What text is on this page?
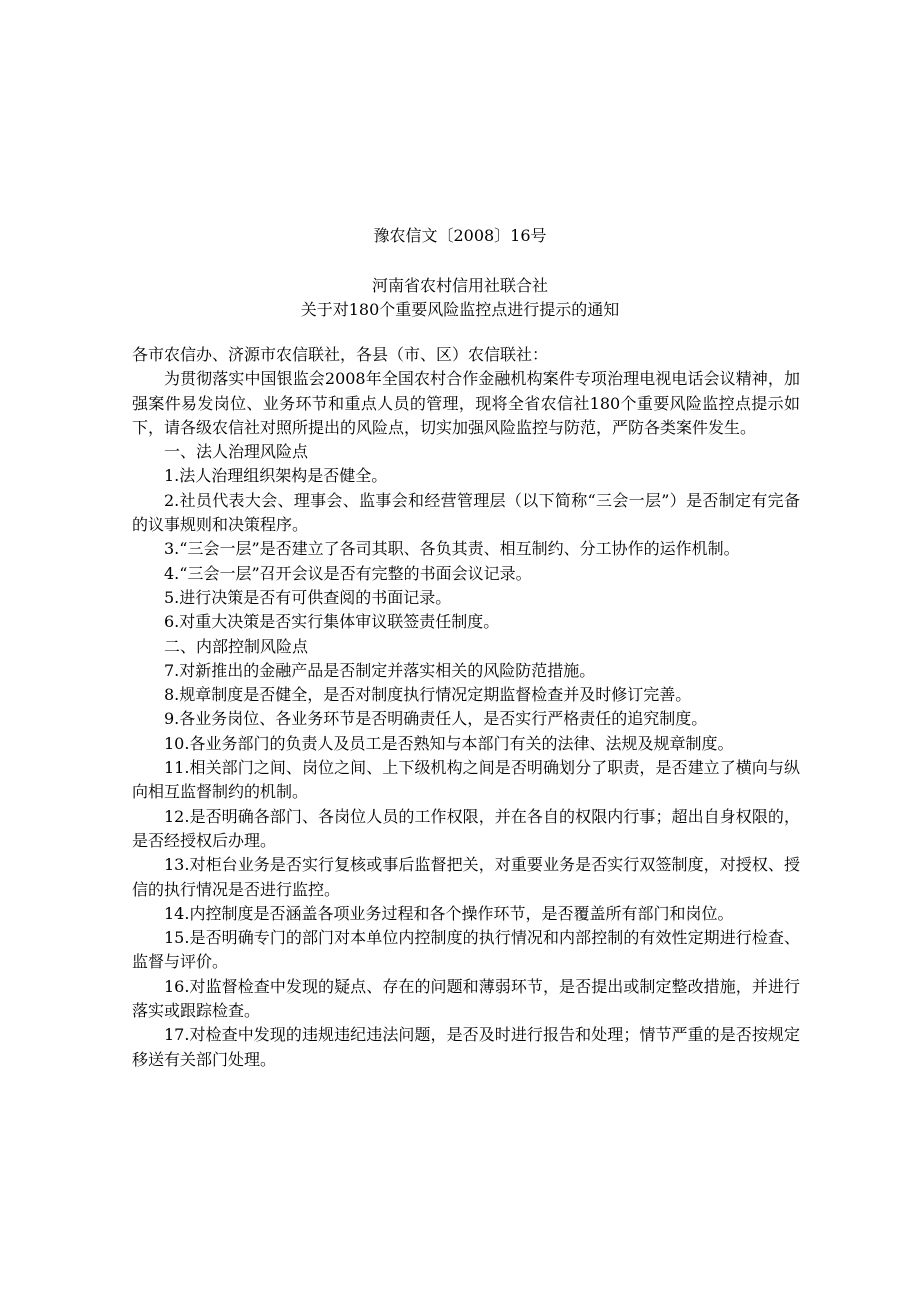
豫农信文〔2008〕16号
河南省农村信用社联合社
关于对180个重要风险监控点进行提示的通知

各市农信办、济源市农信联社，各县（市、区）农信联社：

为贯彻落实中国银监会2008年全国农村合作金融机构案件专项治理电视电话会议精神，加强案件易发岗位、业务环节和重点人员的管理，现将全省农信社180个重要风险监控点提示如下，请各级农信社对照所提出的风险点，切实加强风险监控与防范，严防各类案件发生。

一、法人治理风险点

1.法人治理组织架构是否健全。

2.社员代表大会、理事会、监事会和经营管理层（以下简称“三会一层”）是否制定有完备的议事规则和决策程序。

3.“三会一层”是否建立了各司其职、各负其责、相互制约、分工协作的运作机制。

4.“三会一层”召开会议是否有完整的书面会议记录。

5.进行决策是否有可供查阅的书面记录。

6.对重大决策是否实行集体审议联签责任制度。

二、内部控制风险点

7.对新推出的金融产品是否制定并落实相关的风险防范措施。

8.规章制度是否健全，是否对制度执行情况定期监督检查并及时修订完善。

9.各业务岗位、各业务环节是否明确责任人，是否实行严格责任的追究制度。

10.各业务部门的负责人及员工是否熟知与本部门有关的法律、法规及规章制度。

11.相关部门之间、岗位之间、上下级机构之间是否明确划分了职责，是否建立了横向与纵向相互监督制约的机制。

12.是否明确各部门、各岗位人员的工作权限，并在各自的权限内行事；超出自身权限的，是否经授权后办理。

13.对柜台业务是否实行复核或事后监督把关，对重要业务是否实行双签制度，对授权、授信的执行情况是否进行监控。

14.内控制度是否涵盖各项业务过程和各个操作环节，是否覆盖所有部门和岗位。

15.是否明确专门的部门对本单位内控制度的执行情况和内部控制的有效性定期进行检查、监督与评价。

16.对监督检查中发现的疑点、存在的问题和薄弱环节，是否提出或制定整改措施，并进行落实或跟踪检查。

17.对检查中发现的违规违纪违法问题，是否及时进行报告和处理；情节严重的是否按规定移送有关部门处理。
